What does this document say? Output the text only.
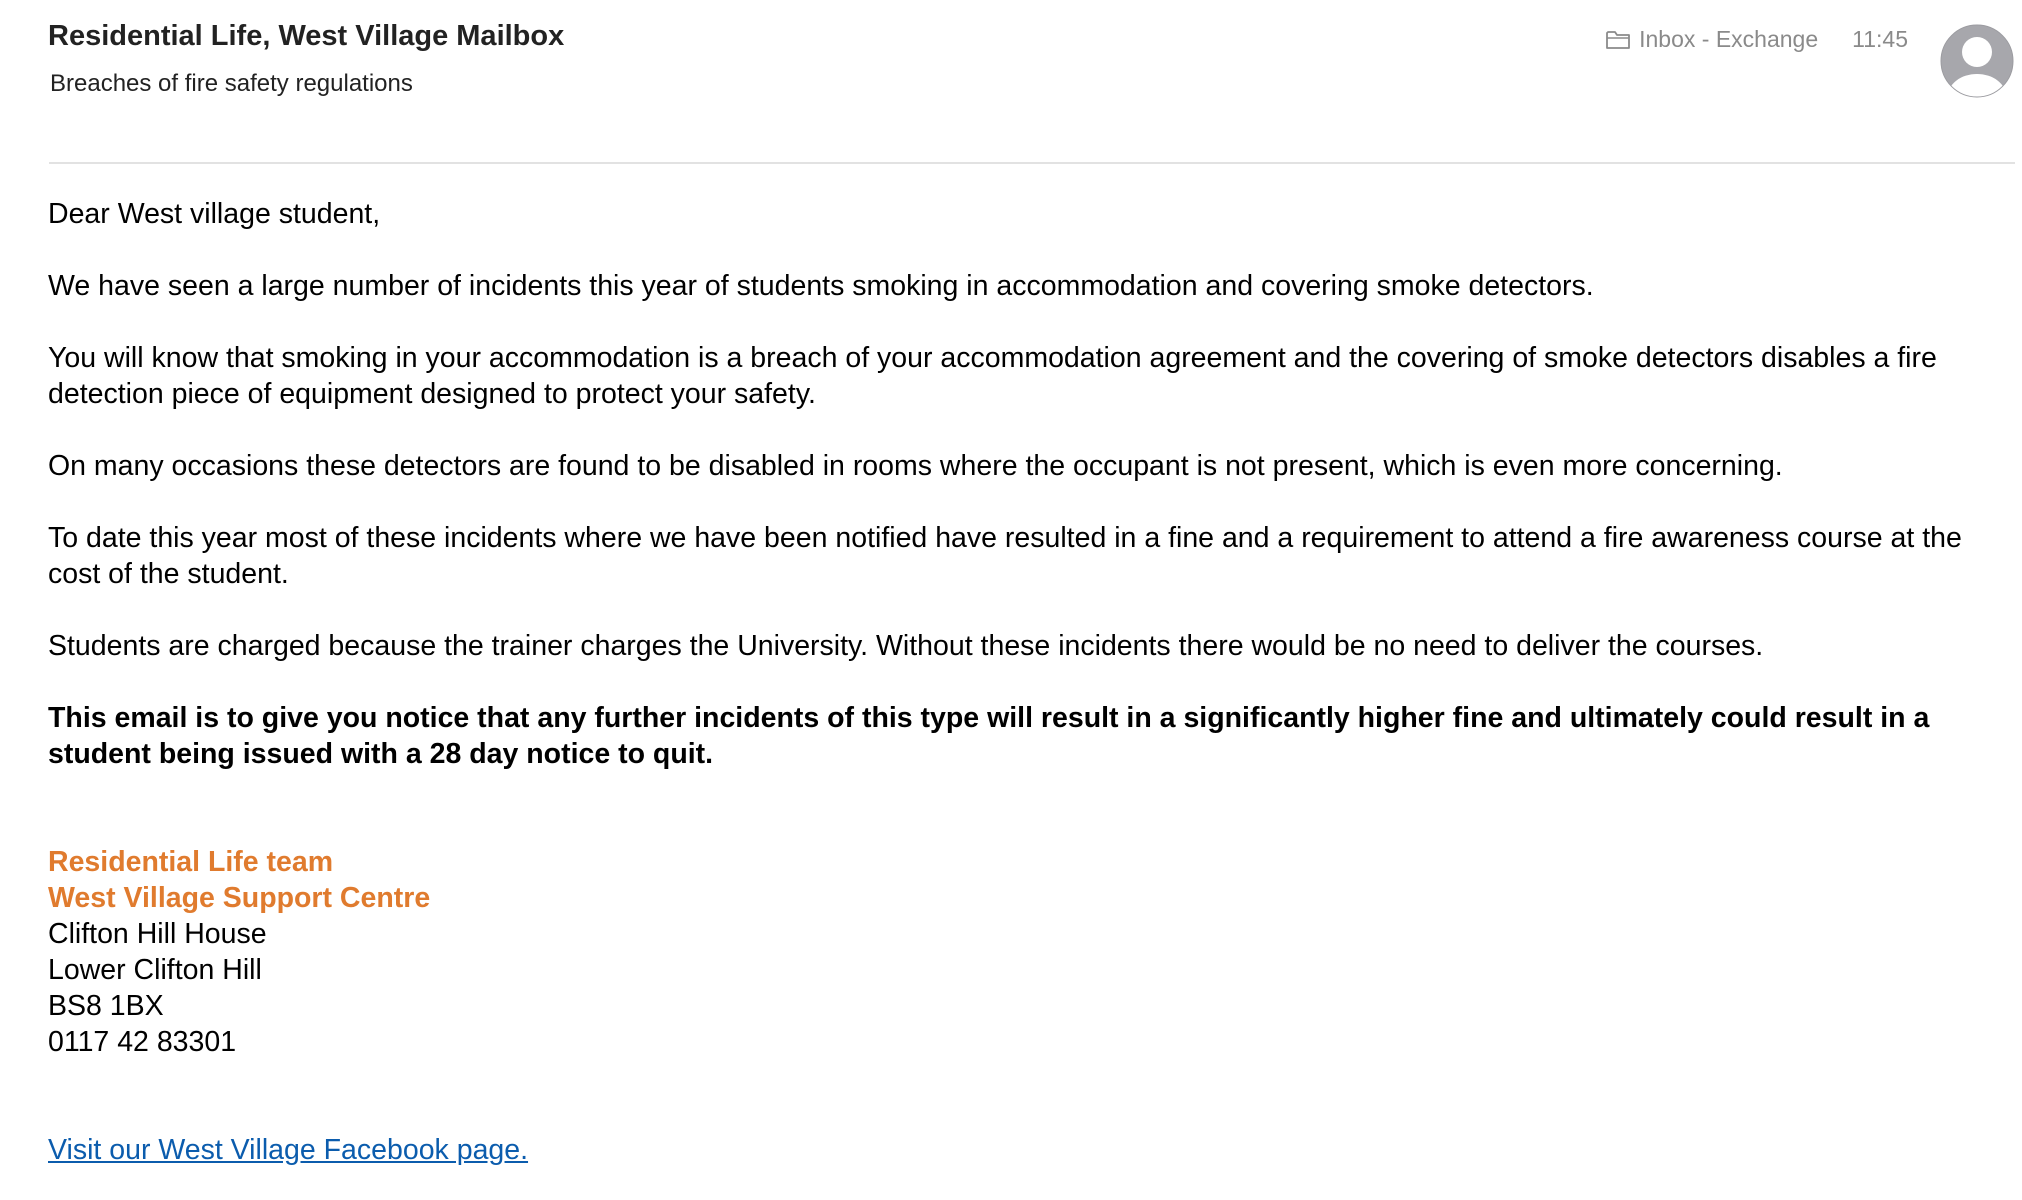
Residential Life, West Village Mailbox
Breaches of fire safety regulations
Inbox - Exchange 11:45

Dear West village student,

We have seen a large number of incidents this year of students smoking in accommodation and covering smoke detectors.

You will know that smoking in your accommodation is a breach of your accommodation agreement and the covering of smoke detectors disables a fire detection piece of equipment designed to protect your safety.

On many occasions these detectors are found to be disabled in rooms where the occupant is not present, which is even more concerning.

To date this year most of these incidents where we have been notified have resulted in a fine and a requirement to attend a fire awareness course at the cost of the student.

Students are charged because the trainer charges the University. Without these incidents there would be no need to deliver the courses.

This email is to give you notice that any further incidents of this type will result in a significantly higher fine and ultimately could result in a student being issued with a 28 day notice to quit.

Residential Life team
West Village Support Centre
Clifton Hill House
Lower Clifton Hill
BS8 1BX
0117 42 83301
Visit our West Village Facebook page.
